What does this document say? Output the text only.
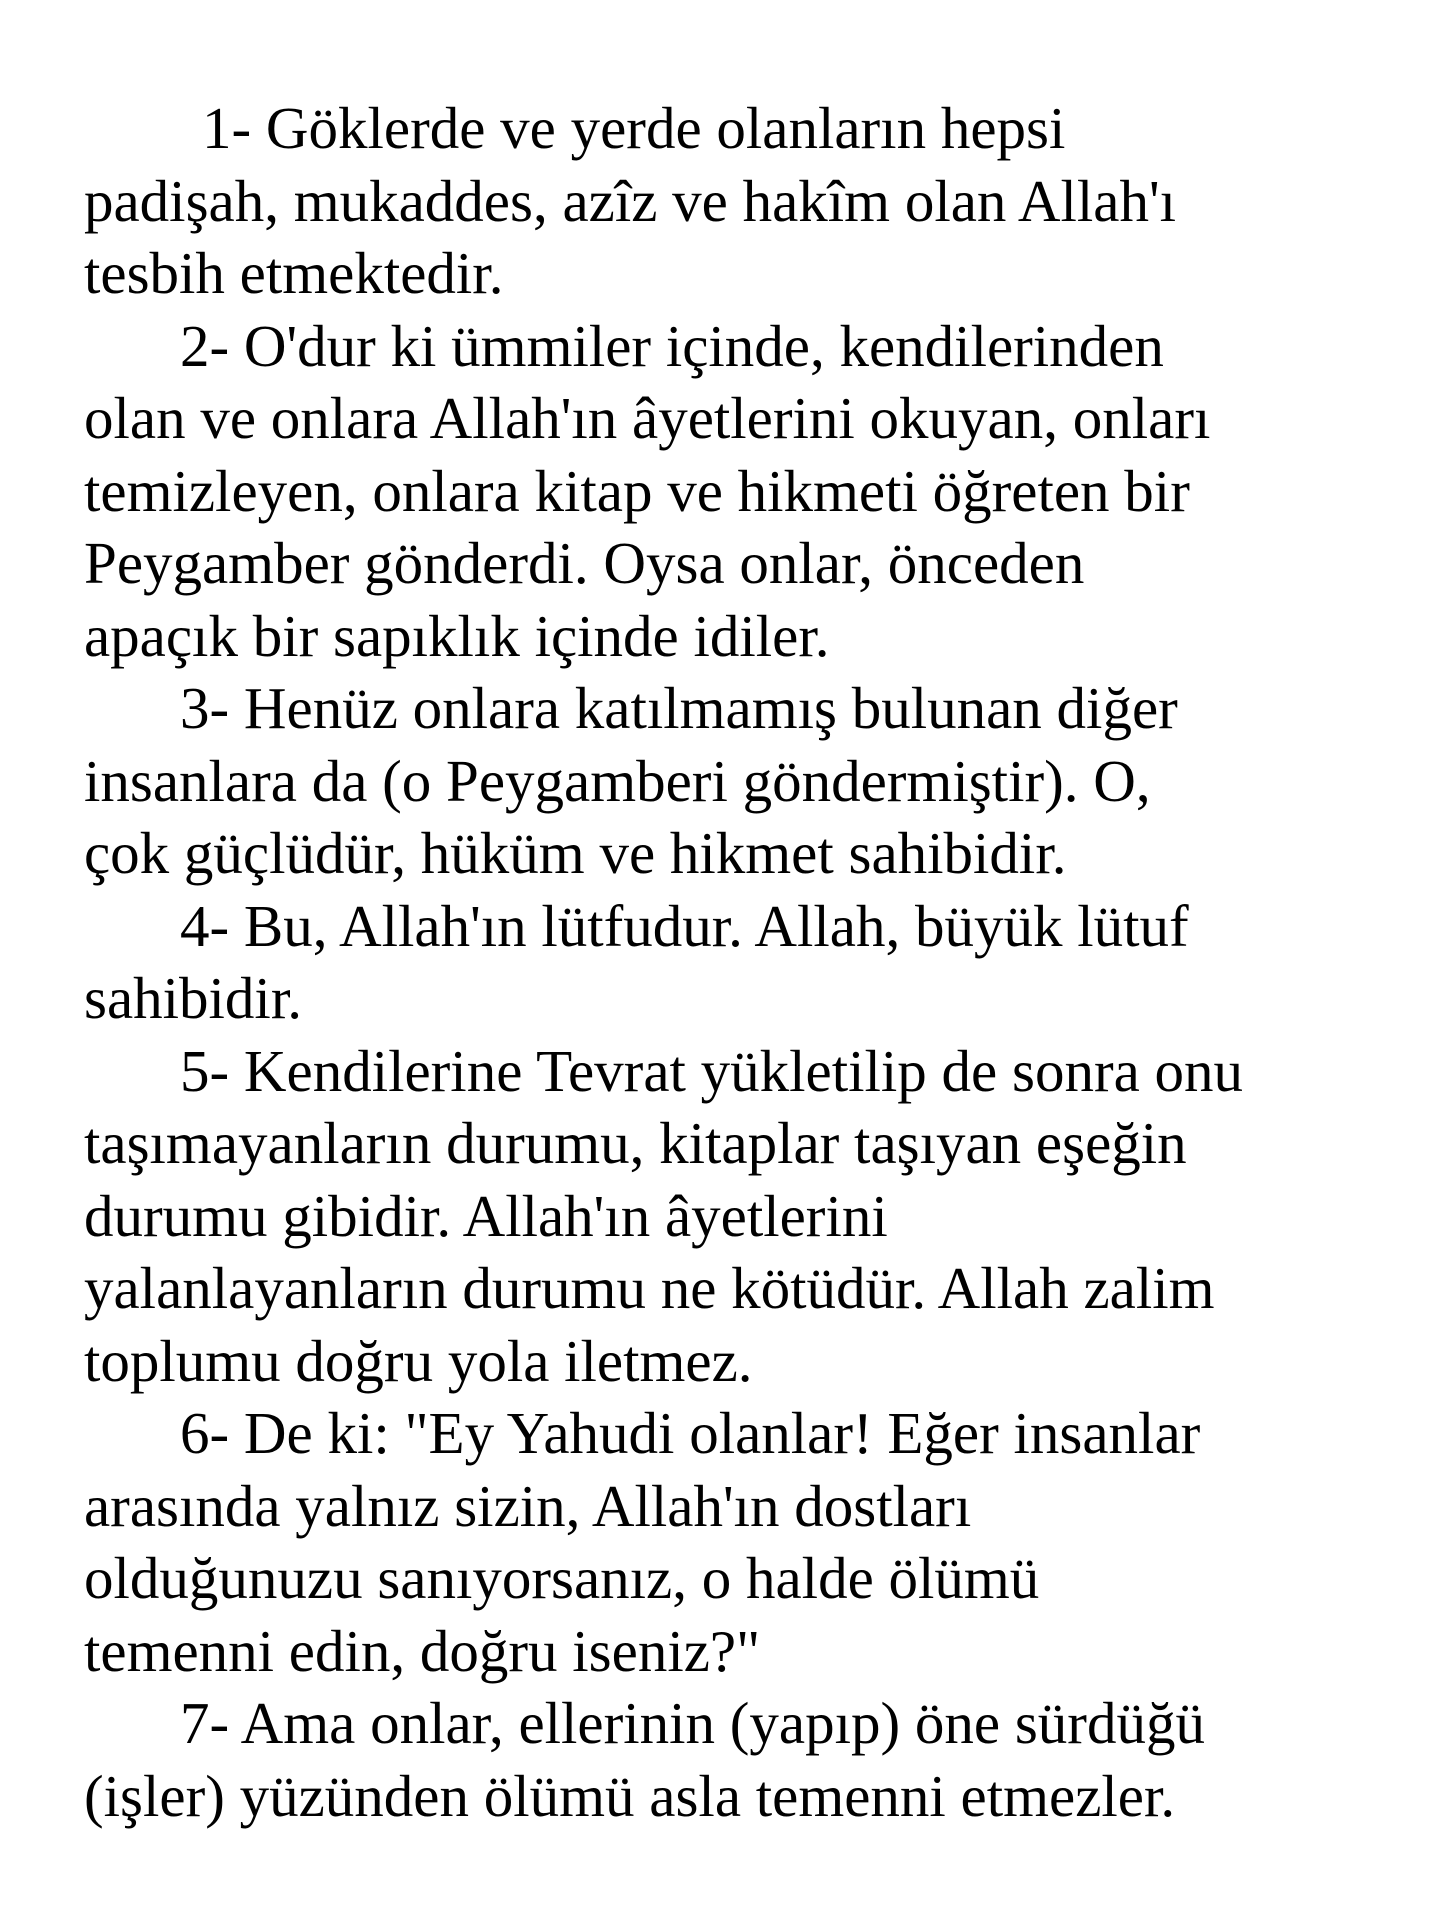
1- Göklerde ve yerde olanların hepsi
padişah, mukaddes, azîz ve hakîm olan Allah'ı
tesbih etmektedir.
2- O'dur ki ümmiler içinde, kendilerinden
olan ve onlara Allah'ın âyetlerini okuyan, onları
temizleyen, onlara kitap ve hikmeti öğreten bir
Peygamber gönderdi. Oysa onlar, önceden
apaçık bir sapıklık içinde idiler.
3- Henüz onlara katılmamış bulunan diğer
insanlara da (o Peygamberi göndermiştir). O,
çok güçlüdür, hüküm ve hikmet sahibidir.
4- Bu, Allah'ın lütfudur. Allah, büyük lütuf
sahibidir.
5- Kendilerine Tevrat yükletilip de sonra onu
taşımayanların durumu, kitaplar taşıyan eşeğin
durumu gibidir. Allah'ın âyetlerini
yalanlayanların durumu ne kötüdür. Allah zalim
toplumu doğru yola iletmez.
6- De ki: "Ey Yahudi olanlar! Eğer insanlar
arasında yalnız sizin, Allah'ın dostları
olduğunuzu sanıyorsanız, o halde ölümü
temenni edin, doğru iseniz?"
7- Ama onlar, ellerinin (yapıp) öne sürdüğü
(işler) yüzünden ölümü asla temenni etmezler.
